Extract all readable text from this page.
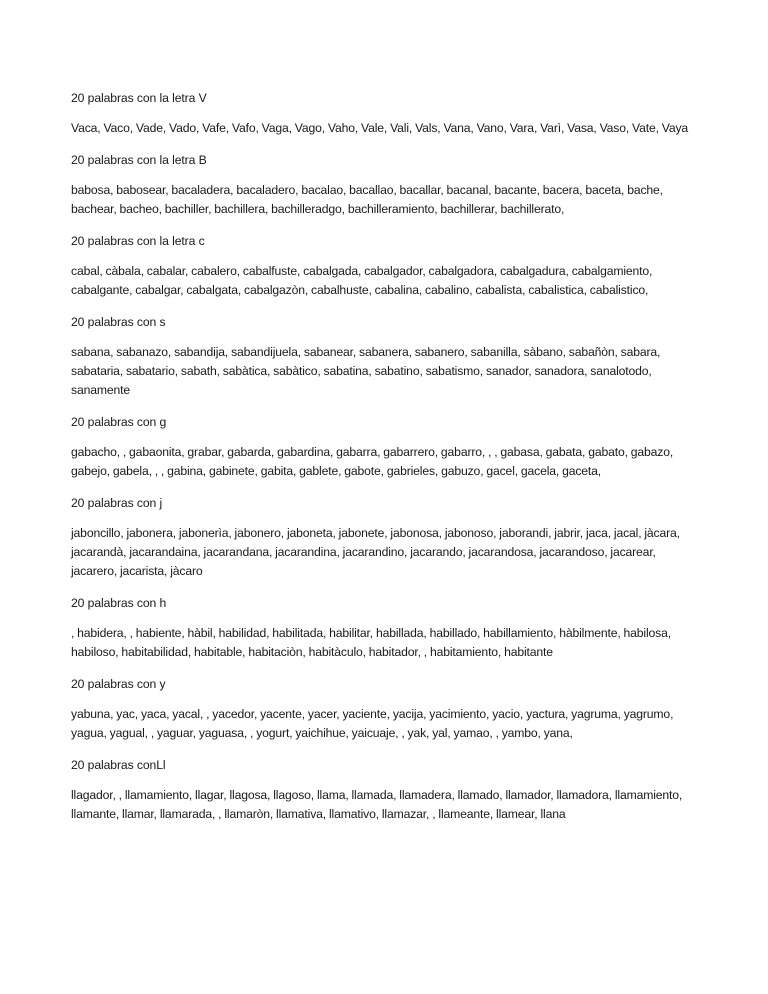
20 palabras con la letra V

Vaca, Vaco, Vade, Vado, Vafe, Vafo, Vaga, Vago, Vaho, Vale, Vali, Vals, Vana, Vano, Vara, Varì, Vasa, Vaso, Vate, Vaya

20 palabras con la letra B

babosa, babosear, bacaladera, bacaladero, bacalao, bacallao, bacallar, bacanal, bacante, bacera, baceta, bache, bachear, bacheo, bachiller, bachillera, bachilleradgo, bachilleramiento, bachillerar, bachillerato,

20 palabras con la letra c

cabal, càbala, cabalar, cabalero, cabalfuste, cabalgada, cabalgador, cabalgadora, cabalgadura, cabalgamiento, cabalgante, cabalgar, cabalgata, cabalgazòn, cabalhuste, cabalina, cabalino, cabalista, cabalistica, cabalistico,

20 palabras con s

sabana, sabanazo, sabandija, sabandijuela, sabanear, sabanera, sabanero, sabanilla, sàbano, sabañòn, sabara, sabataria, sabatario, sabath, sabàtica, sabàtico, sabatina, sabatino, sabatismo, sanador, sanadora, sanalotodo, sanamente

20 palabras con g

gabacho, , gabaonita, grabar, gabarda, gabardina, gabarra, gabarrero, gabarro, , , gabasa, gabata, gabato, gabazo, gabejo, gabela, , , gabina, gabinete, gabita, gablete, gabote, gabrieles, gabuzo, gacel, gacela, gaceta,

20 palabras con j

jaboncillo, jabonera, jabonerìa, jabonero, jaboneta, jabonete, jabonosa, jabonoso, jaborandi, jabrir, jaca, jacal, jàcara, jacarandà, jacarandaina, jacarandana, jacarandina, jacarandino, jacarando, jacarandosa, jacarandoso, jacarear, jacarero, jacarista, jàcaro

20 palabras con h

, habidera, , habiente, hàbil, habilidad, habilitada, habilitar, habillada, habillado, habillamiento, hàbilmente, habilosa, habiloso, habitabilidad, habitable, habitaciòn, habitàculo, habitador, , habitamiento, habitante

20 palabras con y

yabuna, yac, yaca, yacal, , yacedor, yacente, yacer, yaciente, yacija, yacimiento, yacio, yactura, yagruma, yagrumo, yagua, yagual, , yaguar, yaguasa, , yogurt, yaichihue, yaicuaje, , yak, yal, yamao, , yambo, yana,

20 palabras conLl

llagador, , llamamiento, llagar, llagosa, llagoso, llama, llamada, llamadera, llamado, llamador, llamadora, llamamiento, llamante, llamar, llamarada, , llamaròn, llamativa, llamativo, llamazar, , llameante, llamear, llana
